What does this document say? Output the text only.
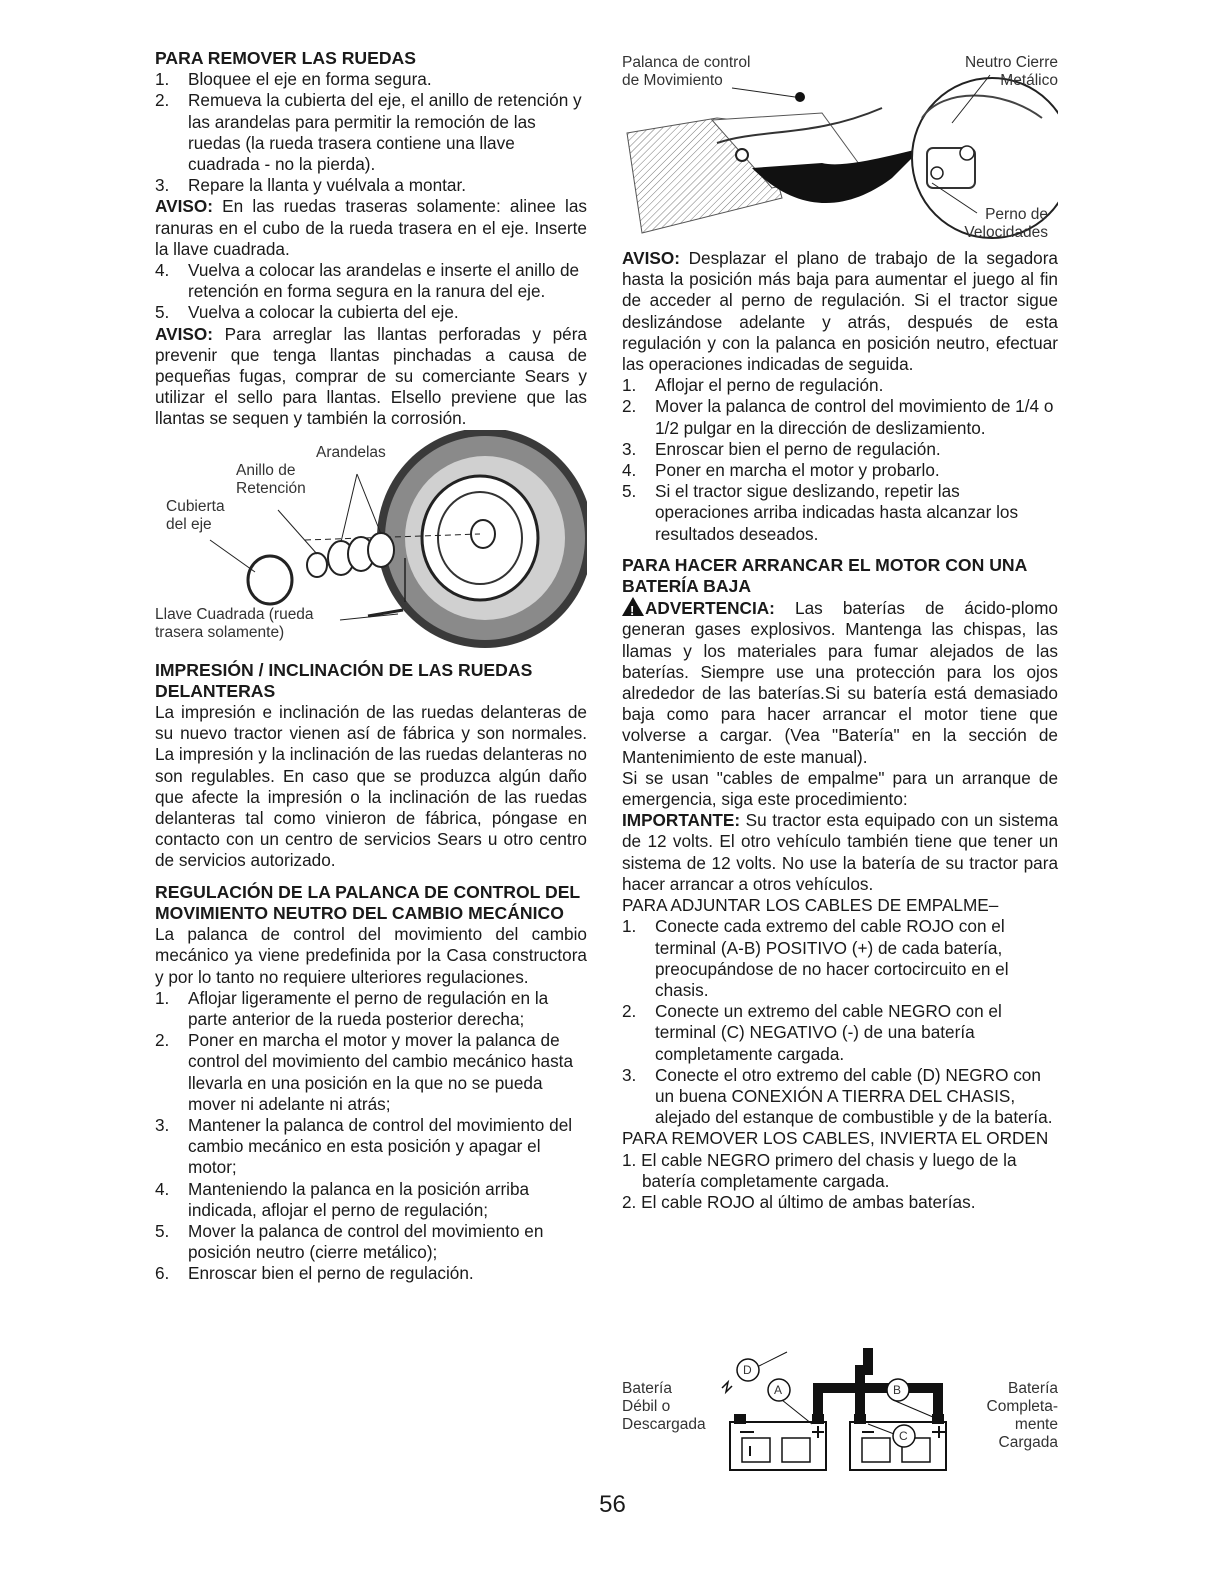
PARA REMOVER LAS RUEDAS
1. Bloquee el eje en forma segura.
2. Remueva la cubierta del eje, el anillo de retención y las arandelas para permitir la remoción de las ruedas (la rueda trasera contiene una llave cuadrada - no la pierda).
3. Repare la llanta y vuélvala a montar.

AVISO: En las ruedas traseras solamente: alinee las ranuras en el cubo de la rueda trasera en el eje. Inserte la llave cuadrada.

4. Vuelva a colocar las arandelas e inserte el anillo de retención en forma segura en la ranura del eje.
5. Vuelva a colocar la cubierta del eje.

AVISO: Para arreglar las llantas perforadas y péra prevenir que tenga llantas pinchadas a causa de pequeñas fugas, comprar de su comerciante Sears y utilizar el sello para llantas. Elsello previene que las llantas se sequen y también la corrosión.

Arandelas
Anillo de
Retención
Cubierta
del eje
Llave Cuadrada (rueda
trasera solamente)
IMPRESIÓN / INCLINACIÓN DE LAS RUEDAS DELANTERAS

La impresión e inclinación de las ruedas delanteras de su nuevo tractor vienen así de fábrica y son normales. La impresión y la inclinación de las ruedas delanteras no son regulables. En caso que se produzca algún daño que afecte la impresión o la inclinación de las ruedas delanteras tal como vinieron de fábrica, póngase en contacto con un centro de servicios Sears u otro centro de servicios autorizado.

REGULACIÓN DE LA PALANCA DE CONTROL DEL MOVIMIENTO NEUTRO DEL CAMBIO MECÁNICO

La palanca de control del movimiento del cambio mecánico ya viene predefinida por la Casa constructora y por lo tanto no requiere ulteriores regulaciones.

1. Aflojar ligeramente el perno de regulación en la parte anterior de la rueda posterior derecha;
2. Poner en marcha el motor y mover la palanca de control del movimiento del cambio mecánico hasta llevarla en una posición en la que no se pueda mover ni adelante ni atrás;
3. Mantener la palanca de control del movimiento del cambio mecánico en esta posición y apagar el motor;
4. Manteniendo la palanca en la posición arriba indicada, aflojar el perno de regulación;
5. Mover la palanca de control del movimiento en posición neutro (cierre metálico);
6. Enroscar bien el perno de regulación.
Palanca de control
de Movimiento
Neutro Cierre
Metálico
Perno de
Velocidades

AVISO: Desplazar el plano de trabajo de la segadora hasta la posición más baja para aumentar el juego al fin de acceder al perno de regulación. Si el tractor sigue deslizándose adelante y atrás, después de esta regulación y con la palanca en posición neutro, efectuar las operaciones indicadas de seguida.

1. Aflojar el perno de regulación.
2. Mover la palanca de control del movimiento de 1/4 o 1/2 pulgar en la dirección de deslizamiento.
3. Enroscar bien el perno de regulación.
4. Poner en marcha el motor y probarlo.
5. Si el tractor sigue deslizando, repetir las operaciones arriba indicadas hasta alcanzar los resultados deseados.
PARA HACER ARRANCAR EL MOTOR CON UNA BATERÍA BAJA

!ADVERTENCIA: Las baterías de ácido-plomo generan gases explosivos. Mantenga las chispas, las llamas y los materiales para fumar alejados de las baterías. Siempre use una protección para los ojos alrededor de las baterías.Si su batería está demasiado baja como para hacer arrancar el motor tiene que volverse a cargar. (Vea "Batería" en la sección de Mantenimiento de este manual).

Si se usan "cables de empalme" para un arranque de emergencia, siga este procedimiento:

IMPORTANTE: Su tractor esta equipado con un sistema de 12 volts. El otro vehículo también tiene que tener un sistema de 12 volts. No use la batería de su tractor para hacer arrancar a otros vehículos.

PARA ADJUNTAR LOS CABLES DE EMPALME–

1. Conecte cada extremo del cable ROJO con el terminal (A-B) POSITIVO (+) de cada batería, preocupándose de no hacer cortocircuito en el chasis.
2. Conecte un extremo del cable NEGRO con el terminal (C) NEGATIVO (-) de una batería completamente cargada.
3. Conecte el otro extremo del cable (D) NEGRO con un buena CONEXIÓN A TIERRA DEL CHASIS, alejado del estanque de combustible y de la batería.

PARA REMOVER LOS CABLES, INVIERTA EL ORDEN

1. El cable NEGRO primero del chasis y luego de la batería completamente cargada.
2. El cable ROJO al último de ambas baterías.
Batería
Débil o
Descargada
Batería
Completa-
mente
Cargada
D
A	B
C
56
